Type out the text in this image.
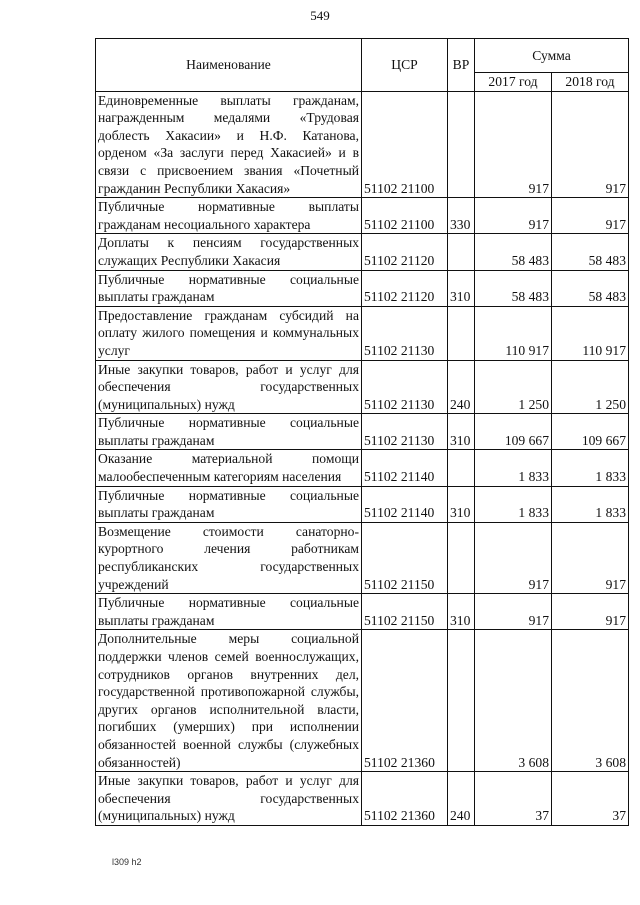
549
Наименование	ЦСР	ВР	Сумма	
			2017 год	2018 год
Единовременные выплаты гражданам, награжденным медалями «Трудовая доблесть Хакасии» и Н.Ф. Катанова, орденом «За заслуги перед Хакасией» и в связи с присвоением звания «Почетный гражданин Республики Хакасия»	51102 21100		917	917
Публичные нормативные выплаты гражданам несоциального характера	51102 21100	330	917	917
Доплаты к пенсиям государственных служащих Республики Хакасия	51102 21120		58 483	58 483
Публичные нормативные социальные выплаты гражданам	51102 21120	310	58 483	58 483
Предоставление гражданам субсидий на оплату жилого помещения и коммунальных услуг	51102 21130		110 917	110 917
Иные закупки товаров, работ и услуг для обеспечения государственных (муниципальных) нужд	51102 21130	240	1 250	1 250
Публичные нормативные социальные выплаты гражданам	51102 21130	310	109 667	109 667
Оказание материальной помощи малообеспеченным категориям населения	51102 21140		1 833	1 833
Публичные нормативные социальные выплаты гражданам	51102 21140	310	1 833	1 833
Возмещение стоимости санаторно-курортного лечения работникам республиканских государственных учреждений	51102 21150		917	917
Публичные нормативные социальные выплаты гражданам	51102 21150	310	917	917
Дополнительные меры социальной поддержки членов семей военнослужащих, сотрудников органов внутренних дел, государственной противопожарной службы, других органов исполнительной власти, погибших (умерших) при исполнении обязанностей военной службы (служебных обязанностей)	51102 21360		3 608	3 608
Иные закупки товаров, работ и услуг для обеспечения государственных (муниципальных) нужд	51102 21360	240	37	37
l309 h2
